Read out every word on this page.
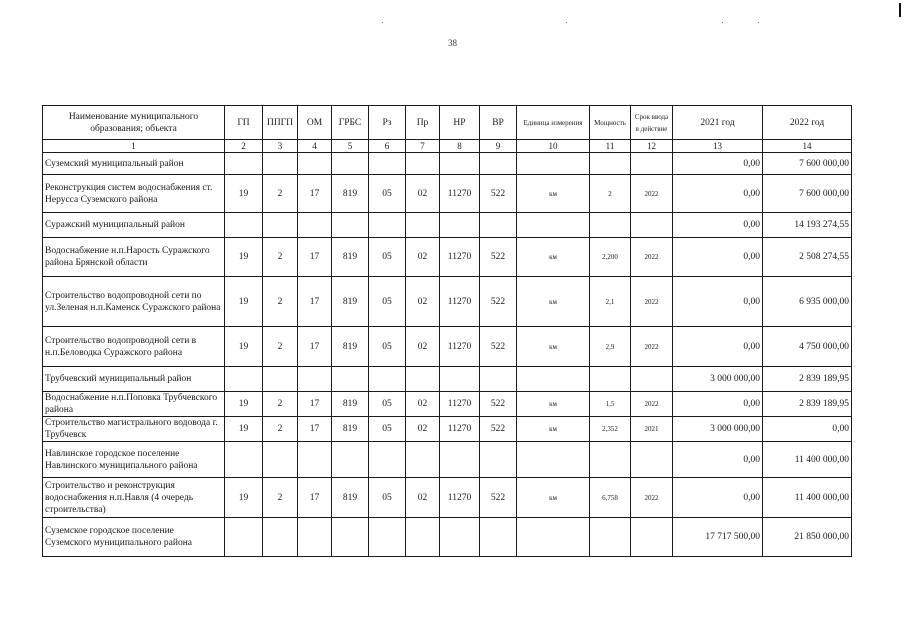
38
Наименование муниципального образования; объекта	ГП	ППГП	ОМ	ГРБС	Рз	Пр	НР	ВР	Единица измерения	Мощность	Срок ввода в действие	2021 год	2022 год
1	2	3	4	5	6	7	8	9	10	11	12	13	14
Суземский муниципальный район												0,00	7 600 000,00
Реконструкция систем водоснабжения ст. Нерусса Суземского района	19	2	17	819	05	02	11270	522	км	2	2022	0,00	7 600 000,00
Суражский муниципальный район												0,00	14 193 274,55
Водоснабжение н.п.Нарость Суражского района Брянской области	19	2	17	819	05	02	11270	522	км	2,200	2022	0,00	2 508 274,55
Строительство водопроводной сети по ул.Зеленая н.п.Каменск Суражского района	19	2	17	819	05	02	11270	522	км	2,1	2022	0,00	6 935 000,00
Строительство водопроводной сети в н.п.Беловодка Суражского района	19	2	17	819	05	02	11270	522	км	2,9	2022	0,00	4 750 000,00
Трубчевский муниципальный район												3 000 000,00	2 839 189,95
Водоснабжение н.п.Поповка Трубчевского района	19	2	17	819	05	02	11270	522	км	1,5	2022	0,00	2 839 189,95
Строительство магистрального водовода г. Трубчевск	19	2	17	819	05	02	11270	522	км	2,352	2021	3 000 000,00	0,00
Навлинское городское поселение Навлинского муниципального района												0,00	11 400 000,00
Строительство и реконструкция водоснабжения н.п.Навля (4 очередь строительства)	19	2	17	819	05	02	11270	522	км	6,758	2022	0,00	11 400 000,00
Суземское городское поселение Суземского муниципального района												17 717 500,00	21 850 000,00
